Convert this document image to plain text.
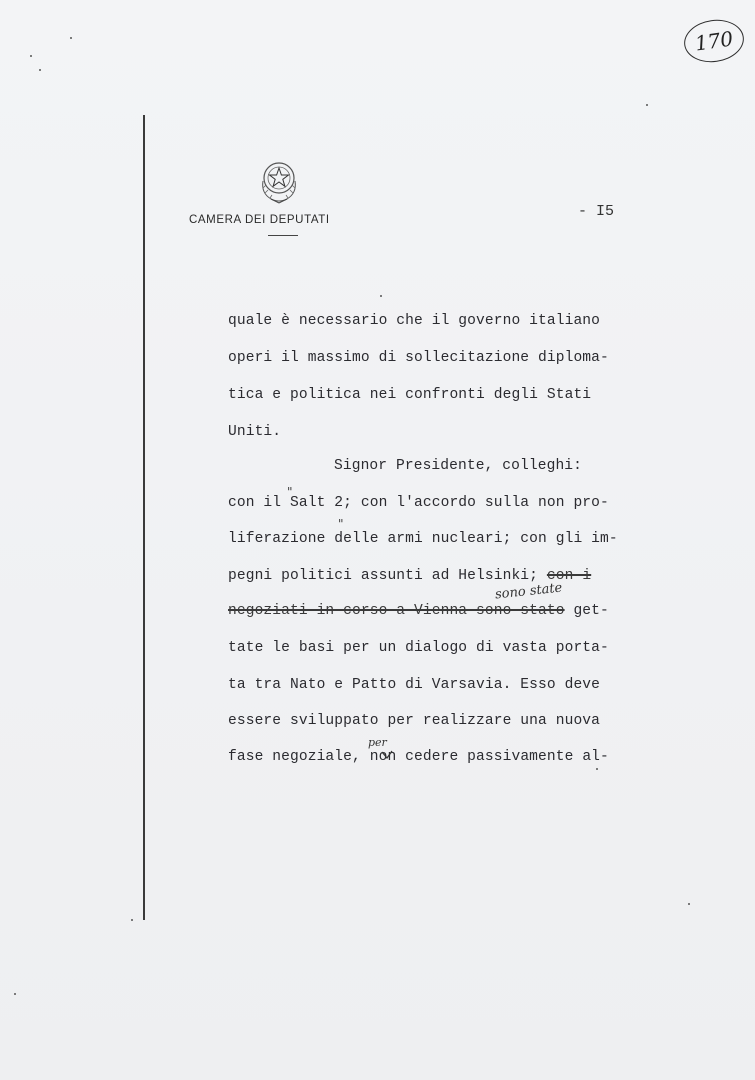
170
CAMERA DEI DEPUTATI	- I5
quale è necessario che il governo italiano
operi il massimo di sollecitazione diploma-
tica e politica nei confronti degli Stati
Uniti.
Signor Presidente, colleghi:
con il Salt 2; con l'accordo sulla non pro-
liferazione delle armi nucleari; con gli im-
pegni politici assunti ad Helsinki; con i
negoziati in corso a Vienna sono stato get-
tate le basi per un dialogo di vasta porta-
ta tra Nato e Patto di Varsavia. Esso deve
essere sviluppato per realizzare una nuova
fase negoziale, non cedere passivamente al-
"
"
sono state
per
